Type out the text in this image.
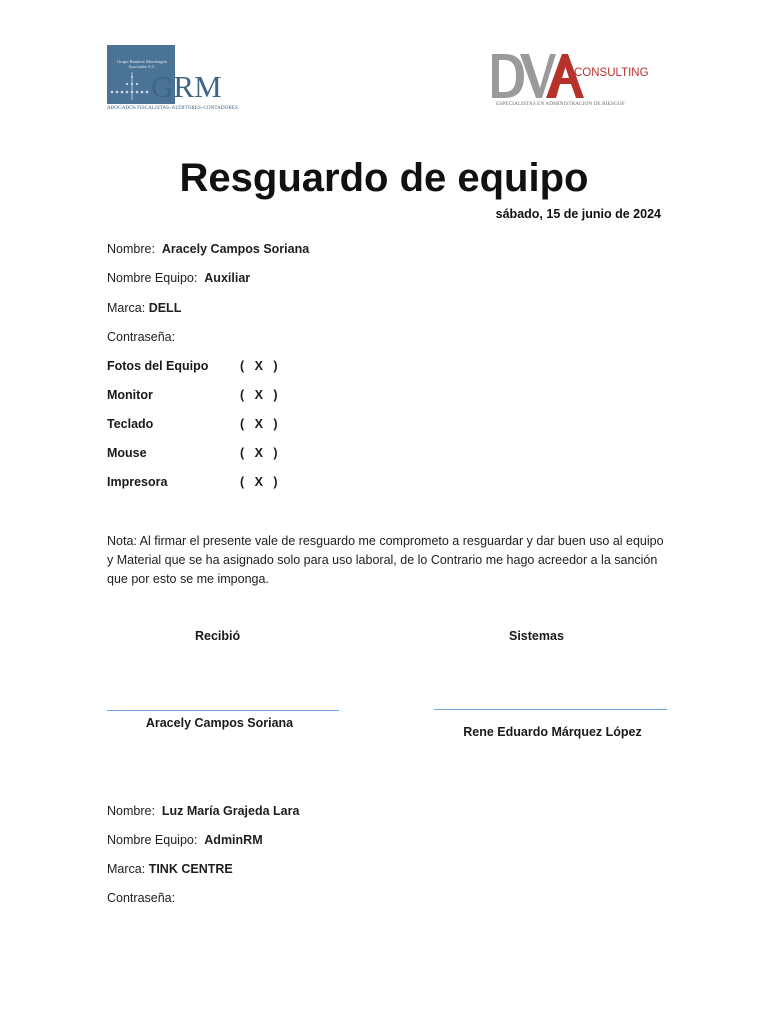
Grupo Ramírez Mondragón Asociados S.C.
GRM
ABOGADOS FISCALISTAS–AUDITORES–CONTADORES
CONSULTING
ESPECIALISTAS EN ADMINISTRACION DE RIESGOS
Resguardo de equipo
sábado, 15 de junio de 2024
Nombre: Aracely Campos Soriana
Nombre Equipo: Auxiliar
Marca: DELL
Contraseña:
Fotos del Equipo	(   X   )
Monitor	(   X   )
Teclado	(   X   )
Mouse	(   X   )
Impresora	(   X   )
Nota: Al firmar el presente vale de resguardo me comprometo a resguardar y dar buen uso al equipo y Material que se ha asignado solo para uso laboral, de lo Contrario me hago acreedor a la sanción que por esto se me imponga.
Recibió	Sistemas
Aracely Campos Soriana
Rene Eduardo Márquez López
Nombre: Luz María Grajeda Lara
Nombre Equipo: AdminRM
Marca: TINK CENTRE
Contraseña:
